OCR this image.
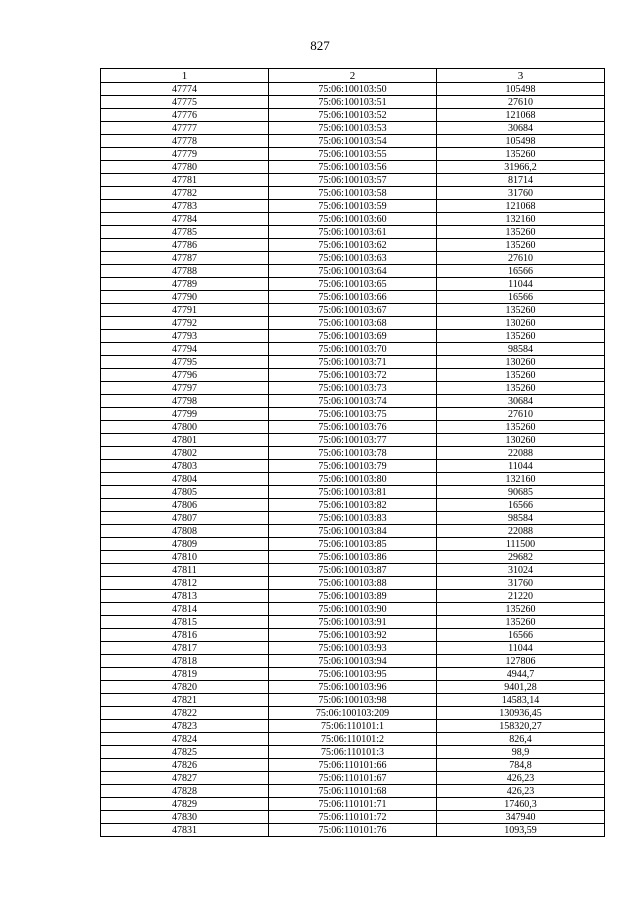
827
1	2	3
47774	75:06:100103:50	105498
47775	75:06:100103:51	27610
47776	75:06:100103:52	121068
47777	75:06:100103:53	30684
47778	75:06:100103:54	105498
47779	75:06:100103:55	135260
47780	75:06:100103:56	31966,2
47781	75:06:100103:57	81714
47782	75:06:100103:58	31760
47783	75:06:100103:59	121068
47784	75:06:100103:60	132160
47785	75:06:100103:61	135260
47786	75:06:100103:62	135260
47787	75:06:100103:63	27610
47788	75:06:100103:64	16566
47789	75:06:100103:65	11044
47790	75:06:100103:66	16566
47791	75:06:100103:67	135260
47792	75:06:100103:68	130260
47793	75:06:100103:69	135260
47794	75:06:100103:70	98584
47795	75:06:100103:71	130260
47796	75:06:100103:72	135260
47797	75:06:100103:73	135260
47798	75:06:100103:74	30684
47799	75:06:100103:75	27610
47800	75:06:100103:76	135260
47801	75:06:100103:77	130260
47802	75:06:100103:78	22088
47803	75:06:100103:79	11044
47804	75:06:100103:80	132160
47805	75:06:100103:81	90685
47806	75:06:100103:82	16566
47807	75:06:100103:83	98584
47808	75:06:100103:84	22088
47809	75:06:100103:85	111500
47810	75:06:100103:86	29682
47811	75:06:100103:87	31024
47812	75:06:100103:88	31760
47813	75:06:100103:89	21220
47814	75:06:100103:90	135260
47815	75:06:100103:91	135260
47816	75:06:100103:92	16566
47817	75:06:100103:93	11044
47818	75:06:100103:94	127806
47819	75:06:100103:95	4944,7
47820	75:06:100103:96	9401,28
47821	75:06:100103:98	14583,14
47822	75:06:100103:209	130936,45
47823	75:06:110101:1	158320,27
47824	75:06:110101:2	826,4
47825	75:06:110101:3	98,9
47826	75:06:110101:66	784,8
47827	75:06:110101:67	426,23
47828	75:06:110101:68	426,23
47829	75:06:110101:71	17460,3
47830	75:06:110101:72	347940
47831	75:06:110101:76	1093,59
